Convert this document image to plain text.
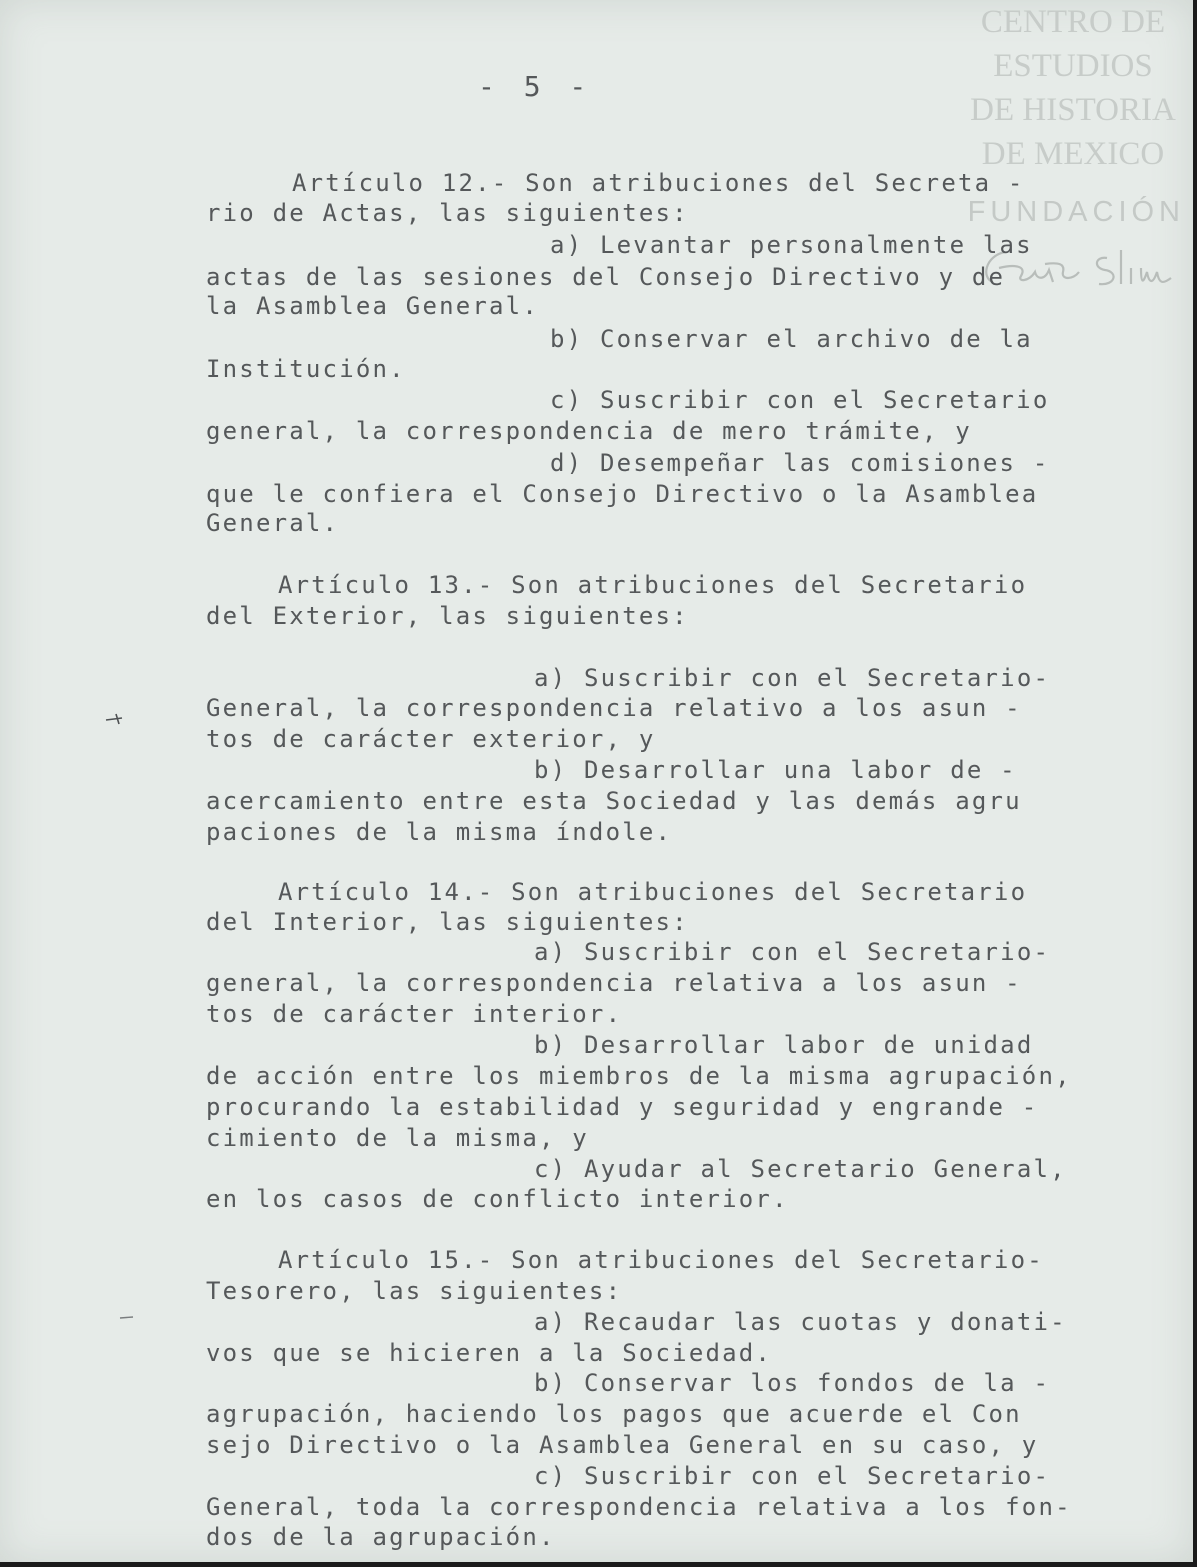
- 5 -
CENTRO DE
ESTUDIOS
DE HISTORIA
DE MEXICO
FUNDACIÓN
Artículo 12.- Son atribuciones del Secreta -
rio de Actas, las siguientes:
a) Levantar personalmente las
actas de las sesiones del Consejo Directivo y de
la Asamblea General.
b) Conservar el archivo de la
Institución.
c) Suscribir con el Secretario
general, la correspondencia de mero trámite, y
d) Desempeñar las comisiones -
que le confiera el Consejo Directivo o la Asamblea
General.
Artículo 13.- Son atribuciones del Secretario
del Exterior, las siguientes:
a) Suscribir con el Secretario-
General, la correspondencia relativo a los asun -
tos de carácter exterior, y
b) Desarrollar una labor de -
acercamiento entre esta Sociedad y las demás agru
paciones de la misma índole.
Artículo 14.- Son atribuciones del Secretario
del Interior, las siguientes:
a) Suscribir con el Secretario-
general, la correspondencia relativa a los asun -
tos de carácter interior.
b) Desarrollar labor de unidad
de acción entre los miembros de la misma agrupación,
procurando la estabilidad y seguridad y engrande -
cimiento de la misma, y
c) Ayudar al Secretario General,
en los casos de conflicto interior.
Artículo 15.- Son atribuciones del Secretario-
Tesorero, las siguientes:
a) Recaudar las cuotas y donati-
vos que se hicieren a la Sociedad.
b) Conservar los fondos de la -
agrupación, haciendo los pagos que acuerde el Con
sejo Directivo o la Asamblea General en su caso, y
c) Suscribir con el Secretario-
General, toda la correspondencia relativa a los fon-
dos de la agrupación.
